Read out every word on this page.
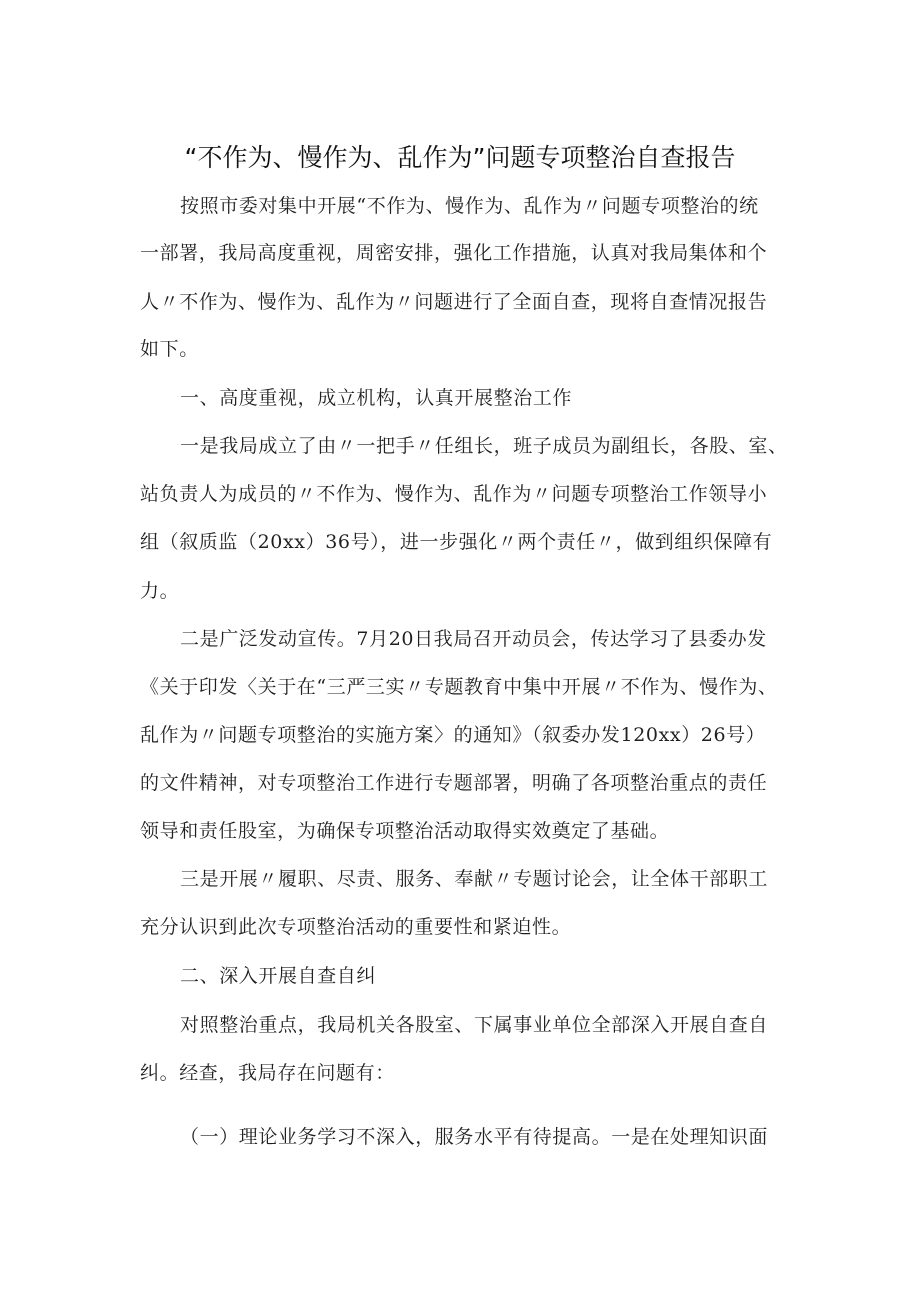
“不作为、慢作为、乱作为”问题专项整治自查报告
按照市委对集中开展“不作为、慢作为、乱作为〃问题专项整治的统
一部署，我局高度重视，周密安排，强化工作措施，认真对我局集体和个
人〃不作为、慢作为、乱作为〃问题进行了全面自查，现将自查情况报告
如下。
一、高度重视，成立机构，认真开展整治工作
一是我局成立了由〃一把手〃任组长，班子成员为副组长，各股、室、
站负责人为成员的〃不作为、慢作为、乱作为〃问题专项整治工作领导小
组（叙质监（20xx）36号），进一步强化〃两个责任〃，做到组织保障有
力。
二是广泛发动宣传。7月20日我局召开动员会，传达学习了县委办发
《关于印发〈关于在“三严三实〃专题教育中集中开展〃不作为、慢作为、
乱作为〃问题专项整治的实施方案〉的通知》（叙委办发120xx）26号）
的文件精神，对专项整治工作进行专题部署，明确了各项整治重点的责任
领导和责任股室，为确保专项整治活动取得实效奠定了基础。
三是开展〃履职、尽责、服务、奉献〃专题讨论会，让全体干部职工
充分认识到此次专项整治活动的重要性和紧迫性。
二、深入开展自查自纠
对照整治重点，我局机关各股室、下属事业单位全部深入开展自查自
纠。经查，我局存在问题有：
（一）理论业务学习不深入，服务水平有待提高。一是在处理知识面
